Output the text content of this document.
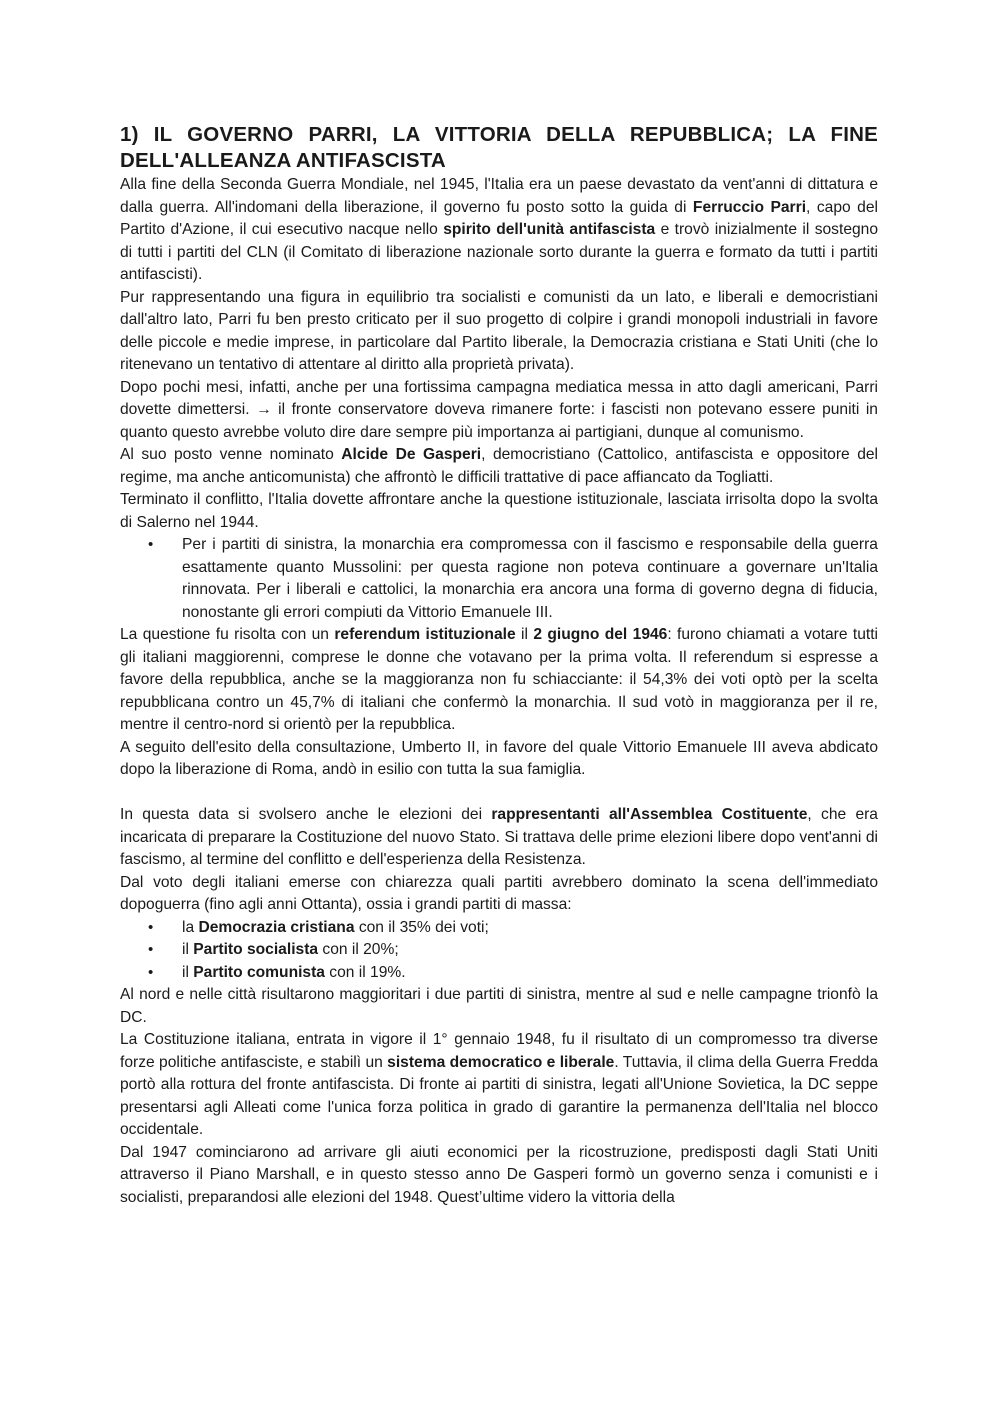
1) IL GOVERNO PARRI, LA VITTORIA DELLA REPUBBLICA; LA FINE DELL'ALLEANZA ANTIFASCISTA

Alla fine della Seconda Guerra Mondiale, nel 1945, l'Italia era un paese devastato da vent'anni di dittatura e dalla guerra. All'indomani della liberazione, il governo fu posto sotto la guida di Ferruccio Parri, capo del Partito d'Azione, il cui esecutivo nacque nello spirito dell'unità antifascista e trovò inizialmente il sostegno di tutti i partiti del CLN (il Comitato di liberazione nazionale sorto durante la guerra e formato da tutti i partiti antifascisti).

Pur rappresentando una figura in equilibrio tra socialisti e comunisti da un lato, e liberali e democristiani dall'altro lato, Parri fu ben presto criticato per il suo progetto di colpire i grandi monopoli industriali in favore delle piccole e medie imprese, in particolare dal Partito liberale, la Democrazia cristiana e Stati Uniti (che lo ritenevano un tentativo di attentare al diritto alla proprietà privata).

Dopo pochi mesi, infatti, anche per una fortissima campagna mediatica messa in atto dagli americani, Parri dovette dimettersi. → il fronte conservatore doveva rimanere forte: i fascisti non potevano essere puniti in quanto questo avrebbe voluto dire dare sempre più importanza ai partigiani, dunque al comunismo.

Al suo posto venne nominato Alcide De Gasperi, democristiano (Cattolico, antifascista e oppositore del regime, ma anche anticomunista) che affrontò le difficili trattative di pace affiancato da Togliatti.

Terminato il conflitto, l'Italia dovette affrontare anche la questione istituzionale, lasciata irrisolta dopo la svolta di Salerno nel 1944.

• Per i partiti di sinistra, la monarchia era compromessa con il fascismo e responsabile della guerra esattamente quanto Mussolini: per questa ragione non poteva continuare a governare un'Italia rinnovata. Per i liberali e cattolici, la monarchia era ancora una forma di governo degna di fiducia, nonostante gli errori compiuti da Vittorio Emanuele III.

La questione fu risolta con un referendum istituzionale il 2 giugno del 1946: furono chiamati a votare tutti gli italiani maggiorenni, comprese le donne che votavano per la prima volta. Il referendum si espresse a favore della repubblica, anche se la maggioranza non fu schiacciante: il 54,3% dei voti optò per la scelta repubblicana contro un 45,7% di italiani che confermò la monarchia. Il sud votò in maggioranza per il re, mentre il centro-nord si orientò per la repubblica.

A seguito dell'esito della consultazione, Umberto II, in favore del quale Vittorio Emanuele III aveva abdicato dopo la liberazione di Roma, andò in esilio con tutta la sua famiglia.

In questa data si svolsero anche le elezioni dei rappresentanti all'Assemblea Costituente, che era incaricata di preparare la Costituzione del nuovo Stato. Si trattava delle prime elezioni libere dopo vent'anni di fascismo, al termine del conflitto e dell'esperienza della Resistenza.

Dal voto degli italiani emerse con chiarezza quali partiti avrebbero dominato la scena dell'immediato dopoguerra (fino agli anni Ottanta), ossia i grandi partiti di massa:

• la Democrazia cristiana con il 35% dei voti;
• il Partito socialista con il 20%;
• il Partito comunista con il 19%.

Al nord e nelle città risultarono maggioritari i due partiti di sinistra, mentre al sud e nelle campagne trionfò la DC.

La Costituzione italiana, entrata in vigore il 1° gennaio 1948, fu il risultato di un compromesso tra diverse forze politiche antifasciste, e stabilì un sistema democratico e liberale. Tuttavia, il clima della Guerra Fredda portò alla rottura del fronte antifascista. Di fronte ai partiti di sinistra, legati all'Unione Sovietica, la DC seppe presentarsi agli Alleati come l'unica forza politica in grado di garantire la permanenza dell'Italia nel blocco occidentale.

Dal 1947 cominciarono ad arrivare gli aiuti economici per la ricostruzione, predisposti dagli Stati Uniti attraverso il Piano Marshall, e in questo stesso anno De Gasperi formò un governo senza i comunisti e i socialisti, preparandosi alle elezioni del 1948. Quest’ultime videro la vittoria della
